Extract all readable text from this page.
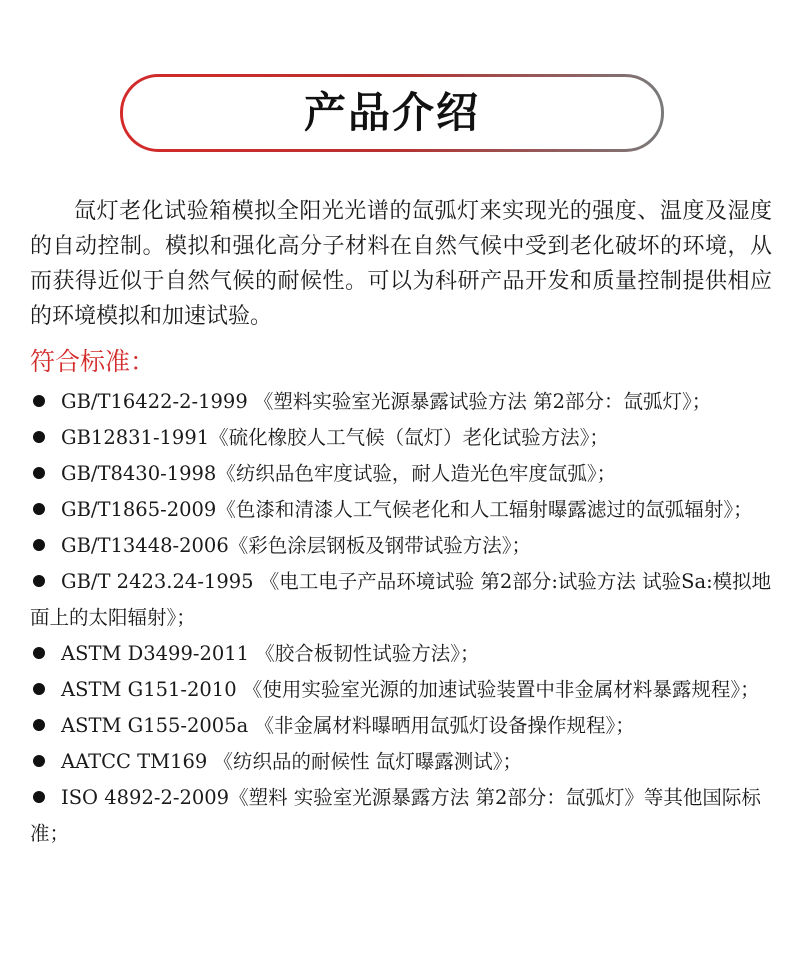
产品介绍

氙灯老化试验箱模拟全阳光光谱的氙弧灯来实现光的强度、温度及湿度的自动控制。模拟和强化高分子材料在自然气候中受到老化破坏的环境，从而获得近似于自然气候的耐候性。可以为科研产品开发和质量控制提供相应的环境模拟和加速试验。

符合标准：
GB/T16422-2-1999 《塑料实验室光源暴露试验方法 第2部分：氙弧灯》；
GB12831-1991《硫化橡胶人工气候（氙灯）老化试验方法》；
GB/T8430-1998《纺织品色牢度试验，耐人造光色牢度氙弧》；
GB/T1865-2009《色漆和清漆人工气候老化和人工辐射曝露滤过的氙弧辐射》；
GB/T13448-2006《彩色涂层钢板及钢带试验方法》；
GB/T 2423.24-1995 《电工电子产品环境试验 第2部分:试验方法 试验Sa:模拟地面上的太阳辐射》；
ASTM D3499-2011 《胶合板韧性试验方法》；
ASTM G151-2010 《使用实验室光源的加速试验装置中非金属材料暴露规程》；
ASTM G155-2005a 《非金属材料曝晒用氙弧灯设备操作规程》；
AATCC TM169 《纺织品的耐候性 氙灯曝露测试》；
ISO 4892-2-2009《塑料 实验室光源暴露方法 第2部分：氙弧灯》等其他国际标准；
